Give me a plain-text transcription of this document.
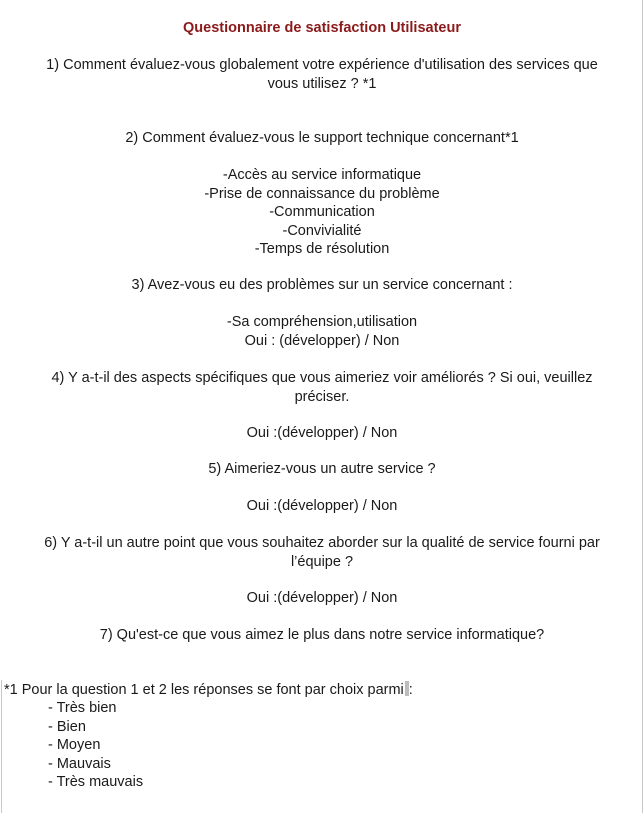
Questionnaire de satisfaction Utilisateur
1) Comment évaluez-vous globalement votre expérience d'utilisation des services que
vous utilisez ? *1
2) Comment évaluez-vous le support technique concernant*1
-Accès au service informatique
-Prise de connaissance du problème
-Communication
-Convivialité
-Temps de résolution
3) Avez-vous eu des problèmes sur un service concernant :
-Sa compréhension,utilisation
Oui : (développer) / Non
4) Y a-t-il des aspects spécifiques que vous aimeriez voir améliorés ? Si oui, veuillez
préciser.
Oui :(développer) / Non
5) Aimeriez-vous un autre service ?
Oui :(développer) / Non
6) Y a-t-il un autre point que vous souhaitez aborder sur la qualité de service fourni par
l’équipe ?
Oui :(développer) / Non
7) Qu'est-ce que vous aimez le plus dans notre service informatique?
*1 Pour la question 1 et 2 les réponses se font par choix parmi :
- Très bien
- Bien
- Moyen
- Mauvais
- Très mauvais
